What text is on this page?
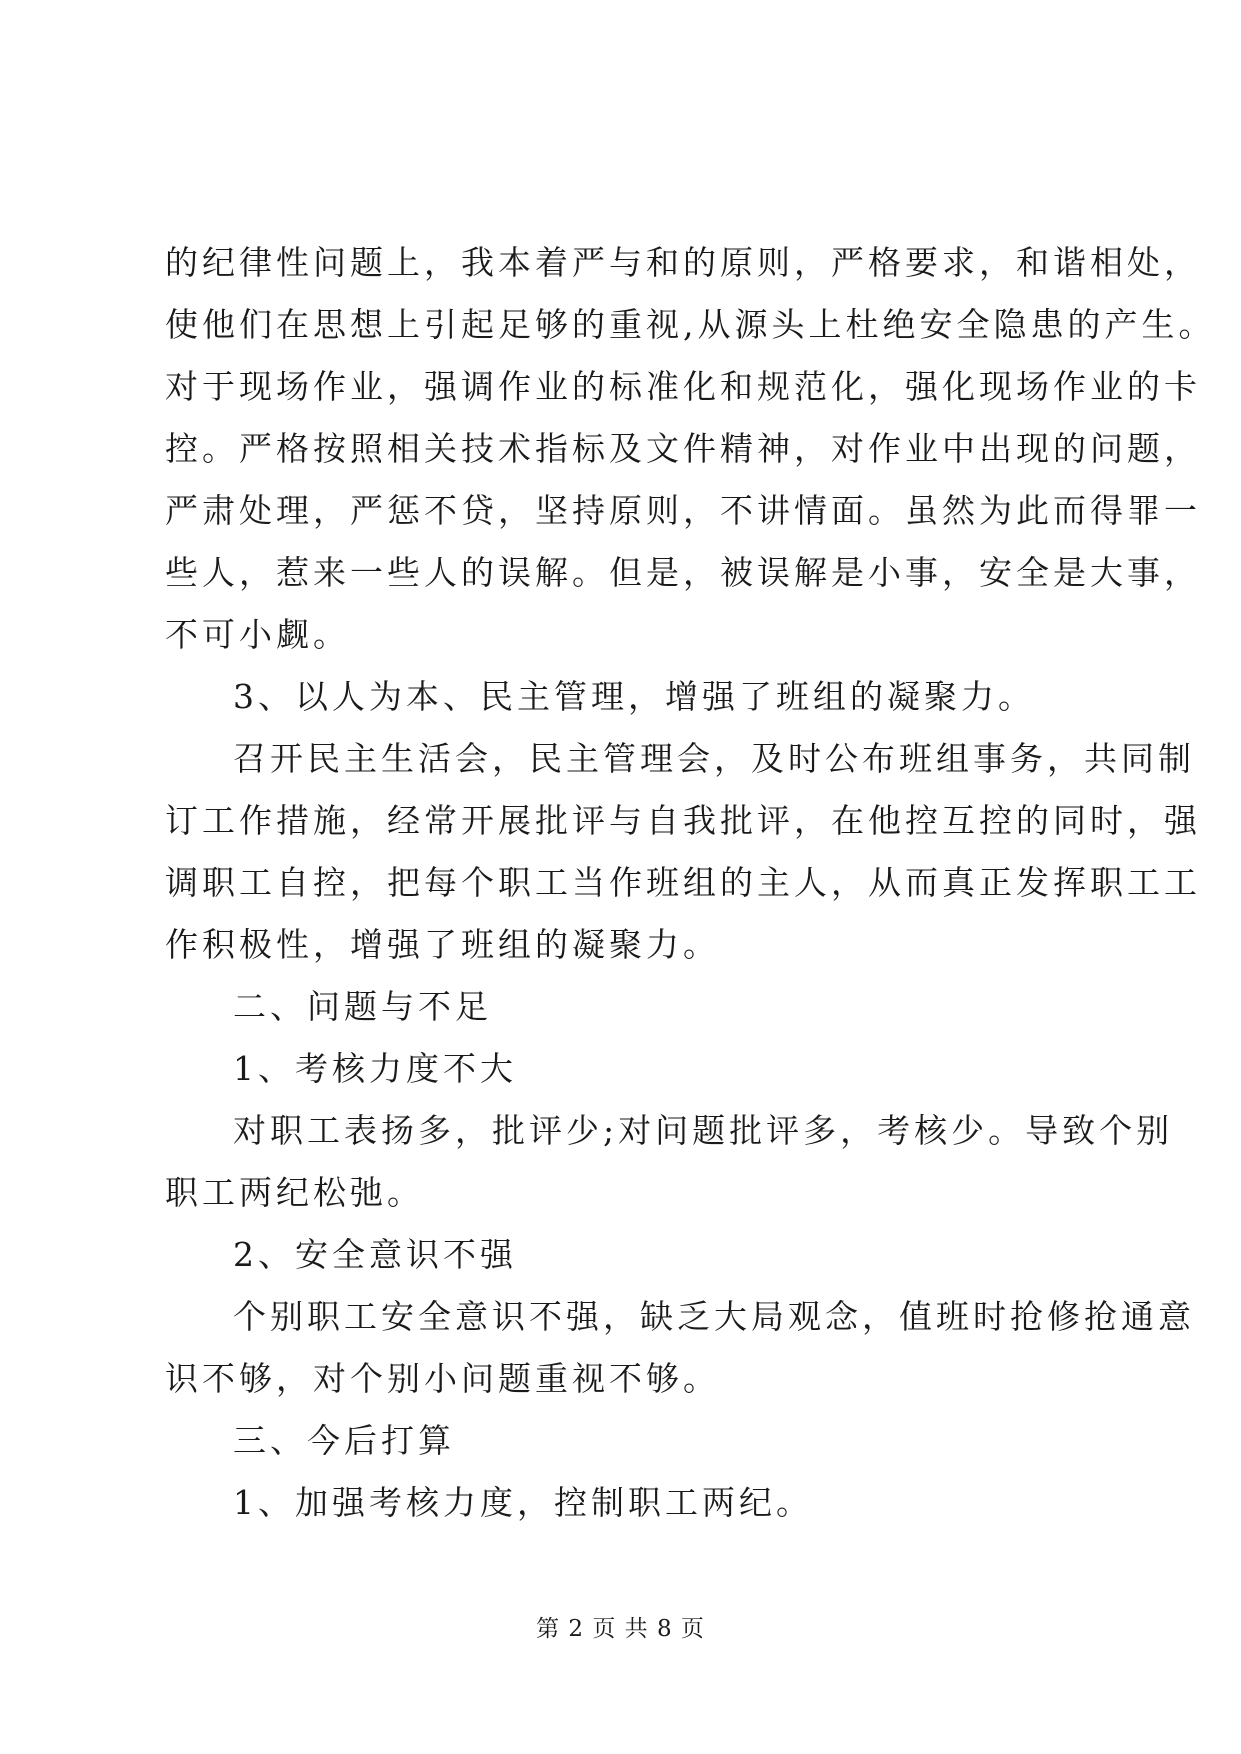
的纪律性问题上，我本着严与和的原则，严格要求，和谐相处，
使他们在思想上引起足够的重视,从源头上杜绝安全隐患的产生。
对于现场作业，强调作业的标准化和规范化，强化现场作业的卡
控。严格按照相关技术指标及文件精神，对作业中出现的问题，
严肃处理，严惩不贷，坚持原则，不讲情面。虽然为此而得罪一
些人，惹来一些人的误解。但是，被误解是小事，安全是大事，
不可小觑。
3、以人为本、民主管理，增强了班组的凝聚力。
召开民主生活会，民主管理会，及时公布班组事务，共同制
订工作措施，经常开展批评与自我批评，在他控互控的同时，强
调职工自控，把每个职工当作班组的主人，从而真正发挥职工工
作积极性，增强了班组的凝聚力。
二、问题与不足
1、考核力度不大
对职工表扬多，批评少;对问题批评多，考核少。导致个别
职工两纪松弛。
2、安全意识不强
个别职工安全意识不强，缺乏大局观念，值班时抢修抢通意
识不够，对个别小问题重视不够。
三、今后打算
1、加强考核力度，控制职工两纪。
第 2 页 共 8 页
